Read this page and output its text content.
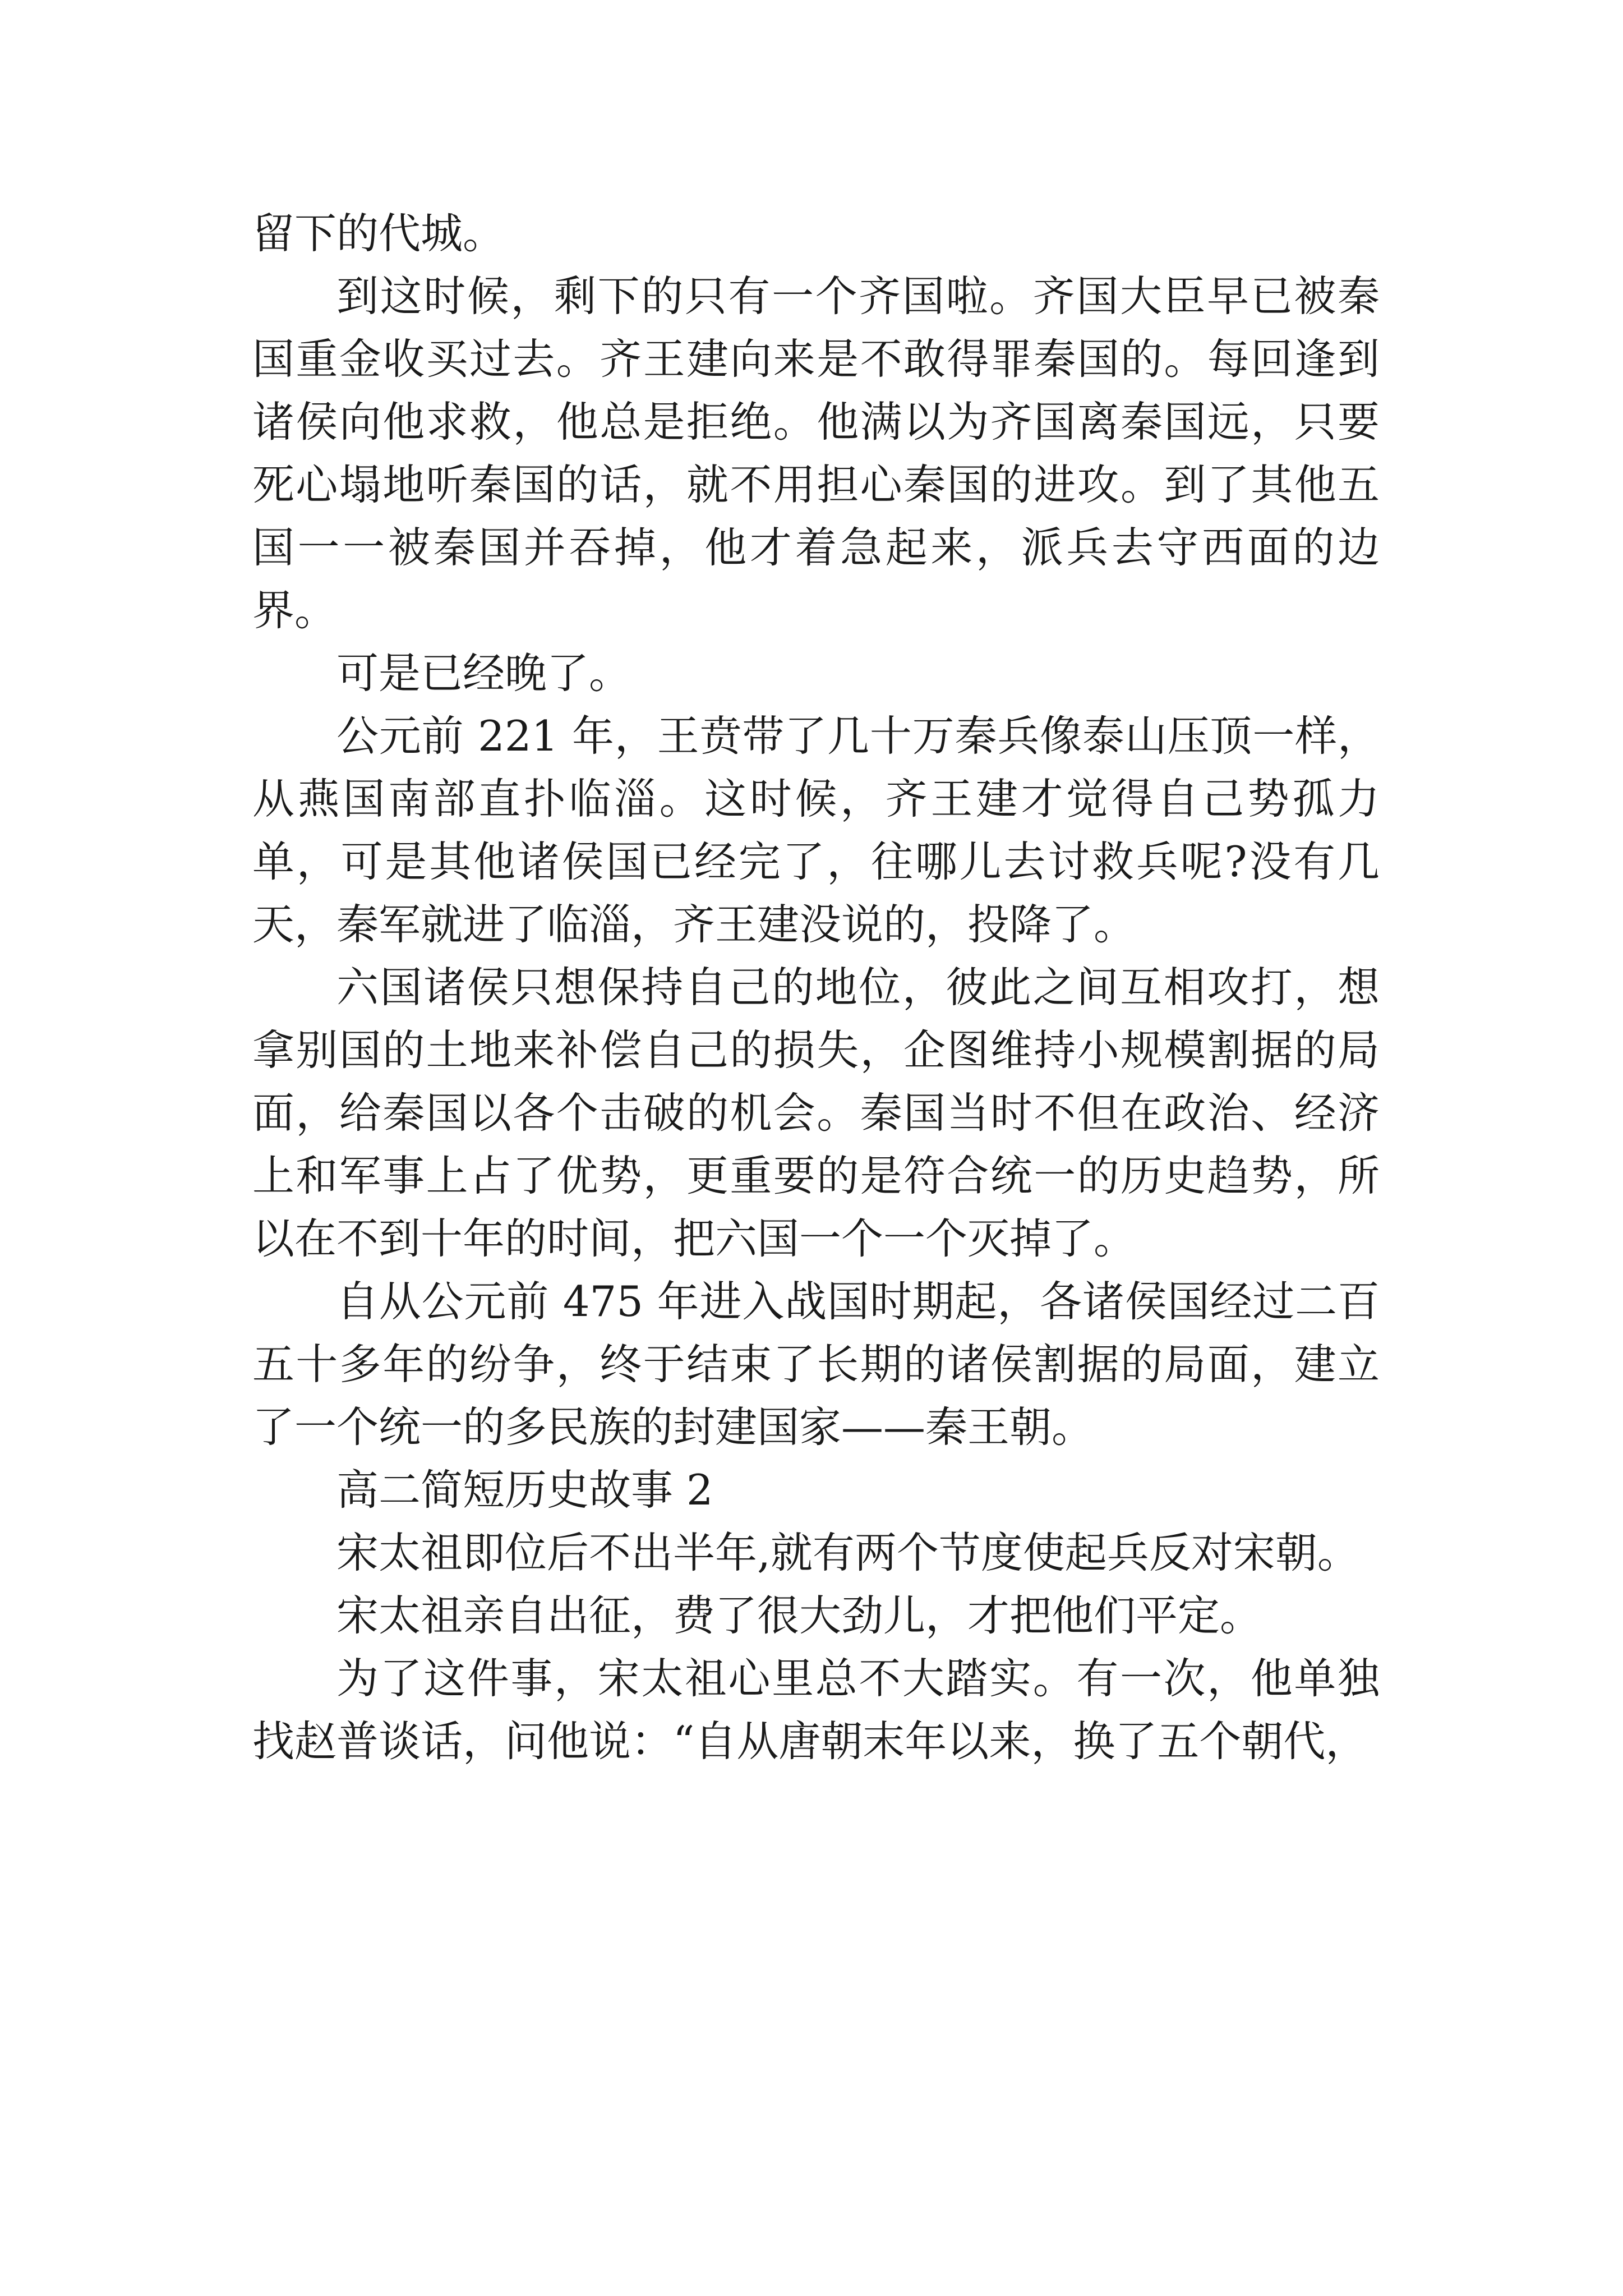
留下的代城。

到这时候，剩下的只有一个齐国啦。齐国大臣早已被秦国重金收买过去。齐王建向来是不敢得罪秦国的。每回逢到诸侯向他求救，他总是拒绝。他满以为齐国离秦国远，只要死心塌地听秦国的话，就不用担心秦国的进攻。到了其他五国一一被秦国并吞掉，他才着急起来，派兵去守西面的边界。

可是已经晚了。

公元前 221 年，王贲带了几十万秦兵像泰山压顶一样，从燕国南部直扑临淄。这时候，齐王建才觉得自己势孤力单，可是其他诸侯国已经完了，往哪儿去讨救兵呢?没有几天，秦军就进了临淄，齐王建没说的，投降了。

六国诸侯只想保持自己的地位，彼此之间互相攻打，想拿别国的土地来补偿自己的损失，企图维持小规模割据的局面，给秦国以各个击破的机会。秦国当时不但在政治、经济上和军事上占了优势，更重要的是符合统一的历史趋势，所以在不到十年的时间，把六国一个一个灭掉了。

自从公元前 475 年进入战国时期起，各诸侯国经过二百五十多年的纷争，终于结束了长期的诸侯割据的局面，建立了一个统一的多民族的封建国家——秦王朝。

高二简短历史故事 2

宋太祖即位后不出半年,就有两个节度使起兵反对宋朝。

宋太祖亲自出征，费了很大劲儿，才把他们平定。

为了这件事，宋太祖心里总不大踏实。有一次，他单独找赵普谈话，问他说：“自从唐朝末年以来，换了五个朝代，
